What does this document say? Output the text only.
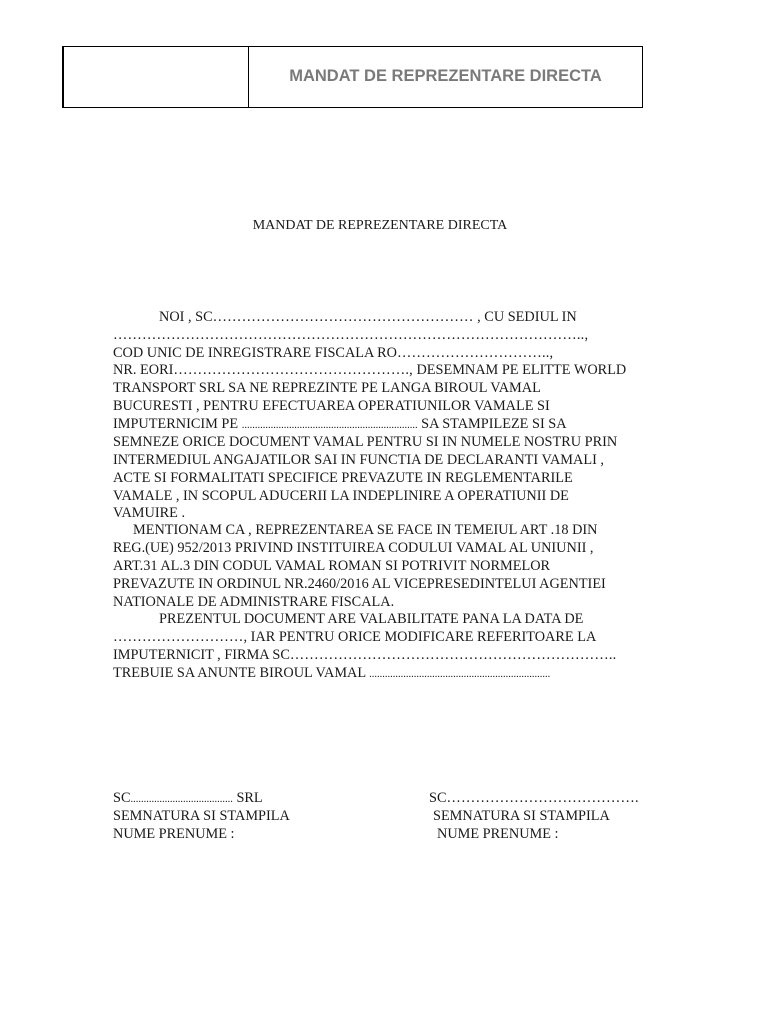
MANDAT DE REPREZENTARE DIRECTA
MANDAT DE REPREZENTARE DIRECTA
NOI , SC……………………………………………… , CU SEDIUL IN
……………………………………………………………………………………..,
COD UNIC DE INREGISTRARE FISCALA RO…………………………..,
NR. EORI…………………………………………., DESEMNAM PE ELITTE WORLD
TRANSPORT SRL SA NE REPREZINTE PE LANGA BIROUL VAMAL
BUCURESTI , PENTRU EFECTUAREA OPERATIUNILOR VAMALE SI
IMPUTERNICIM PE ................................................................... SA STAMPILEZE SI SA
SEMNEZE ORICE DOCUMENT VAMAL PENTRU SI IN NUMELE NOSTRU PRIN
INTERMEDIUL ANGAJATILOR SAI IN FUNCTIA DE DECLARANTI VAMALI ,
ACTE SI FORMALITATI SPECIFICE PREVAZUTE IN REGLEMENTARILE
VAMALE , IN SCOPUL ADUCERII LA INDEPLINIRE A OPERATIUNII DE
VAMUIRE .
MENTIONAM CA , REPREZENTAREA SE FACE IN TEMEIUL ART .18 DIN
REG.(UE) 952/2013 PRIVIND INSTITUIREA CODULUI VAMAL AL UNIUNII ,
ART.31 AL.3 DIN CODUL VAMAL ROMAN SI POTRIVIT NORMELOR
PREVAZUTE IN ORDINUL NR.2460/2016 AL VICEPRESEDINTELUI AGENTIEI
NATIONALE DE ADMINISTRARE FISCALA.
PREZENTUL DOCUMENT ARE VALABILITATE PANA LA DATA DE
………………………, IAR PENTRU ORICE MODIFICARE REFERITOARE LA
IMPUTERNICIT , FIRMA SC…………………………………………………………..
TREBUIE SA ANUNTE BIROUL VAMAL .....................................................................
SC....................................... SRL
SEMNATURA SI STAMPILA
NUME PRENUME :
SC………………………………….
SEMNATURA SI STAMPILA
NUME PRENUME :
